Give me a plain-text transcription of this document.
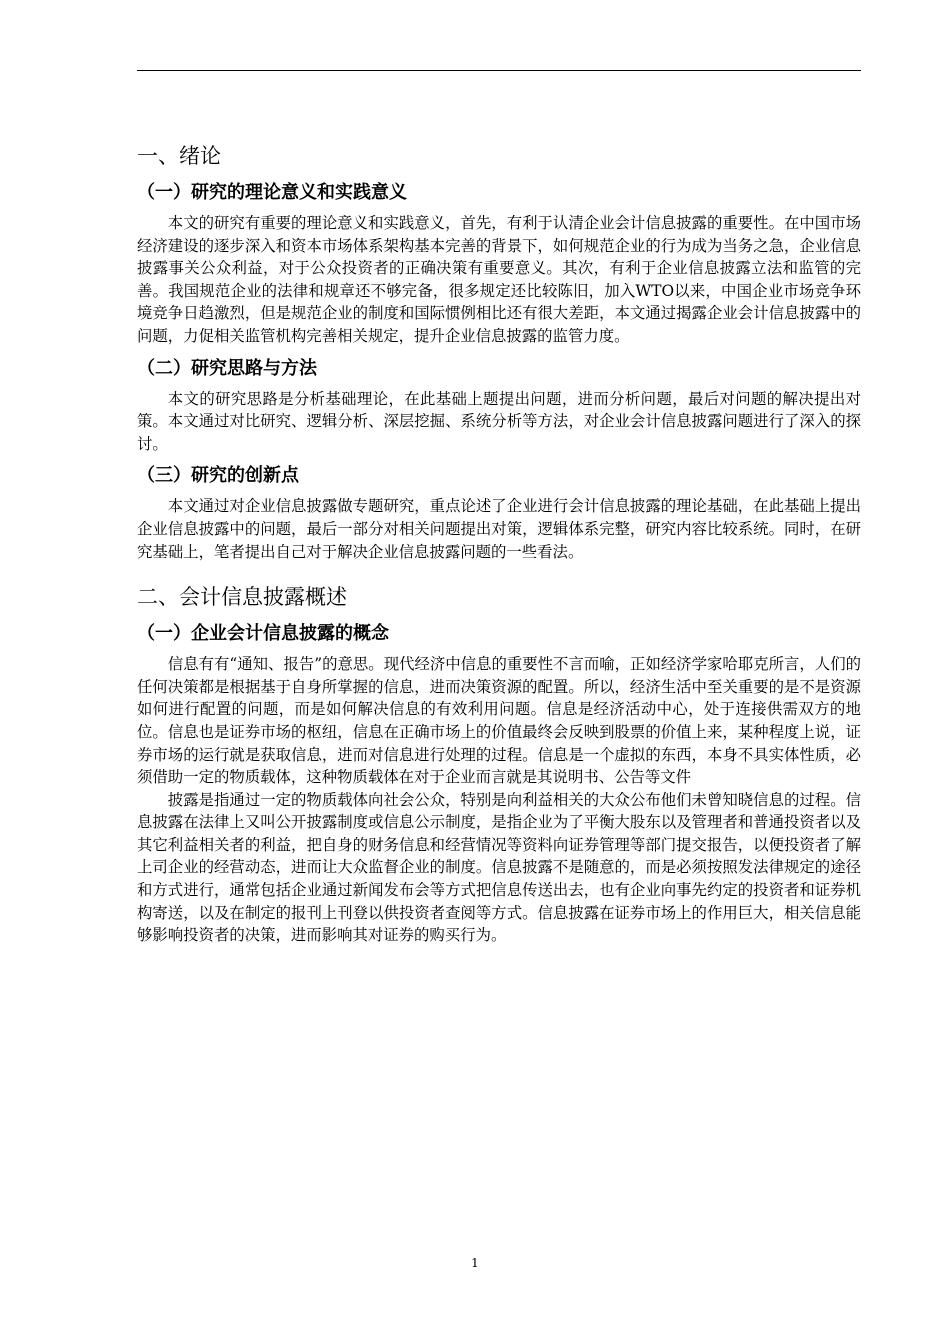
一、绪论
（一）研究的理论意义和实践意义

本文的研究有重要的理论意义和实践意义，首先，有利于认清企业会计信息披露的重要性。在中国市场经济建设的逐步深入和资本市场体系架构基本完善的背景下，如何规范企业的行为成为当务之急，企业信息披露事关公众利益，对于公众投资者的正确决策有重要意义。其次，有利于企业信息披露立法和监管的完善。我国规范企业的法律和规章还不够完备，很多规定还比较陈旧，加入WTO以来，中国企业市场竞争环境竞争日趋激烈，但是规范企业的制度和国际惯例相比还有很大差距，本文通过揭露企业会计信息披露中的问题，力促相关监管机构完善相关规定，提升企业信息披露的监管力度。

（二）研究思路与方法

本文的研究思路是分析基础理论，在此基础上题提出问题，进而分析问题，最后对问题的解决提出对策。本文通过对比研究、逻辑分析、深层挖掘、系统分析等方法，对企业会计信息披露问题进行了深入的探讨。

（三）研究的创新点

本文通过对企业信息披露做专题研究，重点论述了企业进行会计信息披露的理论基础，在此基础上提出企业信息披露中的问题，最后一部分对相关问题提出对策，逻辑体系完整，研究内容比较系统。同时，在研究基础上，笔者提出自己对于解决企业信息披露问题的一些看法。

二、会计信息披露概述
（一）企业会计信息披露的概念

信息有有“通知、报告”的意思。现代经济中信息的重要性不言而喻，正如经济学家哈耶克所言，人们的任何决策都是根据基于自身所掌握的信息，进而决策资源的配置。所以，经济生活中至关重要的是不是资源如何进行配置的问题，而是如何解决信息的有效利用问题。信息是经济活动中心，处于连接供需双方的地位。信息也是证券市场的枢纽，信息在正确市场上的价值最终会反映到股票的价值上来，某种程度上说，证券市场的运行就是获取信息，进而对信息进行处理的过程。信息是一个虚拟的东西，本身不具实体性质，必须借助一定的物质载体，这种物质载体在对于企业而言就是其说明书、公告等文件

披露是指通过一定的物质载体向社会公众，特别是向利益相关的大众公布他们未曾知晓信息的过程。信息披露在法律上又叫公开披露制度或信息公示制度，是指企业为了平衡大股东以及管理者和普通投资者以及其它利益相关者的利益，把自身的财务信息和经营情况等资料向证券管理等部门提交报告，以便投资者了解上司企业的经营动态，进而让大众监督企业的制度。信息披露不是随意的，而是必须按照发法律规定的途径和方式进行，通常包括企业通过新闻发布会等方式把信息传送出去，也有企业向事先约定的投资者和证券机构寄送，以及在制定的报刊上刊登以供投资者查阅等方式。信息披露在证券市场上的作用巨大，相关信息能够影响投资者的决策，进而影响其对证券的购买行为。

1
